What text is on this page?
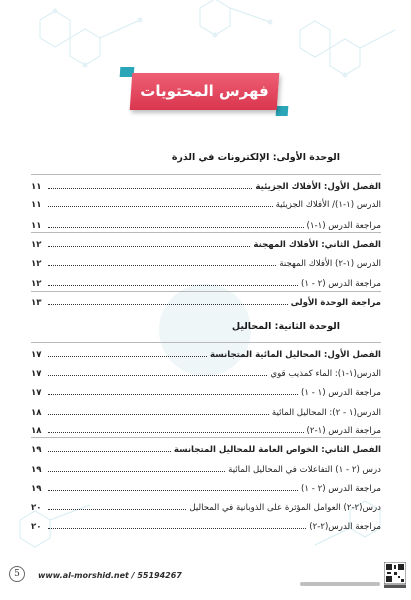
فهرس المحتويات
الوحدة الأولى: الإلكترونات في الذرة
الفصل الأول: الأفلاك الجزيئية
١١
الدرس (١-١)/ الأفلاك الجزيئية
١١
مراجعة الدرس (١-١)
١١
الفصل الثاني: الأفلاك المهجنة
١٢
الدرس (١-٢) الأفلاك المهجنة
١٢
مراجعة الدرس (٢ - ١)
١٢
مراجعة الوحدة الأولى
١٣
الوحدة الثانية: المحاليل
الفصل الأول: المحاليل المائية المتجانسة
١٧
الدرس(١-١): الماء كمذيب قوي
١٧
مراجعة الدرس (١ - ١)
١٧
الدرس(١ - ٢): المحاليل المائية
١٨
مراجعة الدرس (١-٢)
١٨
الفصل الثاني: الخواص العامة للمحاليل المتجانسة
١٩
درس (٢ - ١) التفاعلات في المحاليل المائية
١٩
مراجعة الدرس (٢ - ١)
١٩
درس(٢-٢) العوامل المؤثرة على الذوبانية في المحاليل
٢٠
مراجعة الدرس(٢-٢)
٢٠
5	www.al-morshid.net / 55194267
